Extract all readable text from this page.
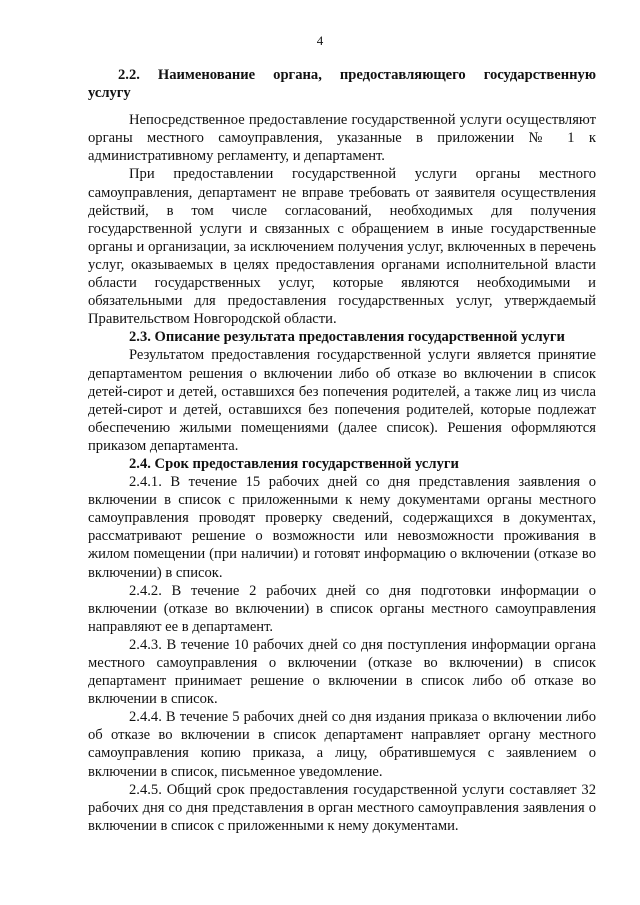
4
2.2. Наименование органа, предоставляющего государственную услугу

Непосредственное предоставление государственной услуги осуществляют органы местного самоуправления, указанные в приложении № 1 к административному регламенту, и департамент.

При предоставлении государственной услуги органы местного самоуправления, департамент не вправе требовать от заявителя осуществления действий, в том числе согласований, необходимых для получения государственной услуги и связанных с обращением в иные государственные органы и организации, за исключением получения услуг, включенных в перечень услуг, оказываемых в целях предоставления органами исполнительной власти области государственных услуг, которые являются необходимыми и обязательными для предоставления государственных услуг, утверждаемый Правительством Новгородской области.

2.3. Описание результата предоставления государственной услуги

Результатом предоставления государственной услуги является принятие департаментом решения о включении либо об отказе во включении в список детей-сирот и детей, оставшихся без попечения родителей, а также лиц из числа детей-сирот и детей, оставшихся без попечения родителей, которые подлежат обеспечению жилыми помещениями (далее список). Решения оформляются приказом департамента.

2.4. Срок предоставления государственной услуги

2.4.1. В течение 15 рабочих дней со дня представления заявления о включении в список с приложенными к нему документами органы местного самоуправления проводят проверку сведений, содержащихся в документах, рассматривают решение о возможности или невозможности проживания в жилом помещении (при наличии) и готовят информацию о включении (отказе во включении) в список.

2.4.2. В течение 2 рабочих дней со дня подготовки информации о включении (отказе во включении) в список органы местного самоуправления направляют ее в департамент.

2.4.3. В течение 10 рабочих дней со дня поступления информации органа местного самоуправления о включении (отказе во включении) в список департамент принимает решение о включении в список либо об отказе во включении в список.

2.4.4. В течение 5 рабочих дней со дня издания приказа о включении либо об отказе во включении в список департамент направляет органу местного самоуправления копию приказа, а лицу, обратившемуся с заявлением о включении в список, письменное уведомление.

2.4.5. Общий срок предоставления государственной услуги составляет 32 рабочих дня со дня представления в орган местного самоуправления заявления о включении в список с приложенными к нему документами.
